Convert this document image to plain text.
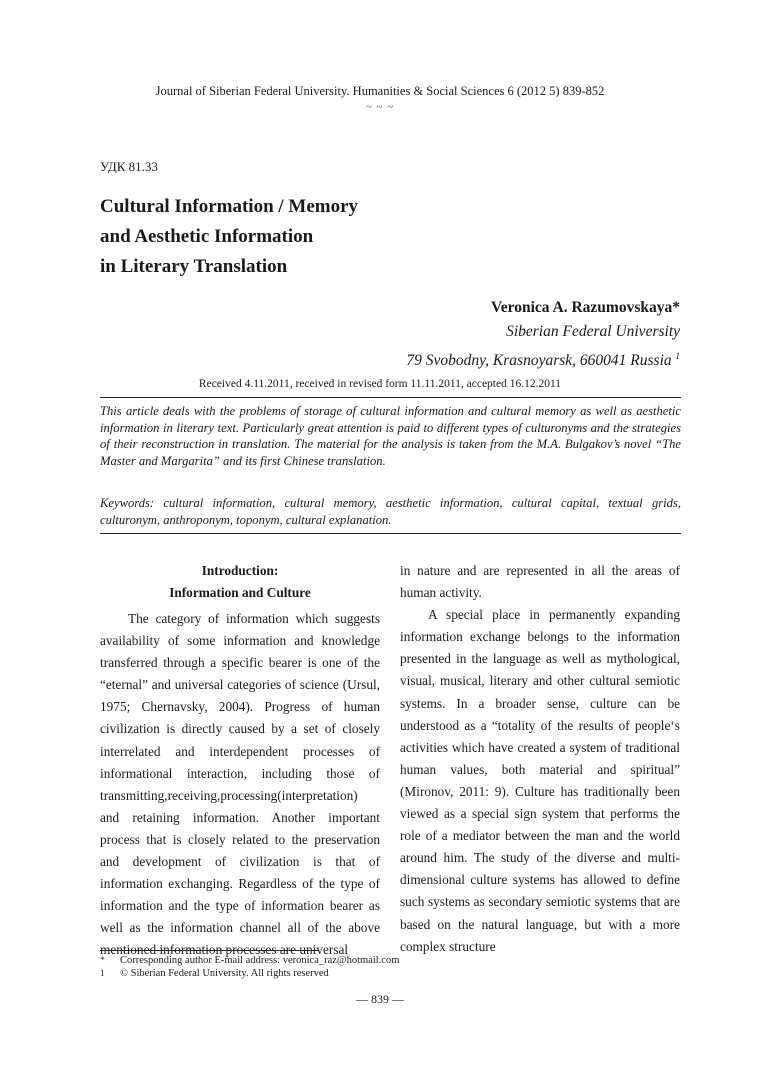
Journal of Siberian Federal University. Humanities & Social Sciences 6 (2012 5) 839-852
~ ~ ~
УДК 81.33
Cultural Information / Memory
and Aesthetic Information
in Literary Translation
Veronica A. Razumovskaya*
Siberian Federal University
79 Svobodny, Krasnoyarsk, 660041 Russia $^1$
Received 4.11.2011, received in revised form 11.11.2011, accepted 16.12.2011
This article deals with the problems of storage of cultural information and cultural memory as well as aesthetic information in literary text. Particularly great attention is paid to different types of culturonyms and the strategies of their reconstruction in translation. The material for the analysis is taken from the M.A. Bulgakov’s novel “The Master and Margarita” and its first Chinese translation.
Keywords: cultural information, cultural memory, aesthetic information, cultural capital, textual grids, culturonym, anthroponym, toponym, cultural explanation.
Introduction:
Information and Culture

The category of information which suggests availability of some information and knowledge transferred through a specific bearer is one of the “eternal” and universal categories of science (Ursul, 1975; Chernavsky, 2004). Progress of human civilization is directly caused by a set of closely interrelated and interdependent processes of informational interaction, including those of transmitting,receiving,processing(interpretation) and retaining information. Another important process that is closely related to the preservation and development of civilization is that of information exchanging. Regardless of the type of information and the type of information bearer as well as the information channel all of the above mentioned information processes are universal

in nature and are represented in all the areas of human activity.

A special place in permanently expanding information exchange belongs to the information presented in the language as well as mythological, visual, musical, literary and other cultural semiotic systems. In a broader sense, culture can be understood as a “totality of the results of people‘s activities which have created a system of traditional human values, both material and spiritual” (Mironov, 2011: 9). Culture has traditionally been viewed as a special sign system that performs the role of a mediator between the man and the world around him. The study of the diverse and multi-dimensional culture systems has allowed to define such systems as secondary semiotic systems that are based on the natural language, but with a more complex structure

*	Corresponding author E-mail address: veronica_raz@hotmail.com
1	© Siberian Federal University. All rights reserved
— 839 —
